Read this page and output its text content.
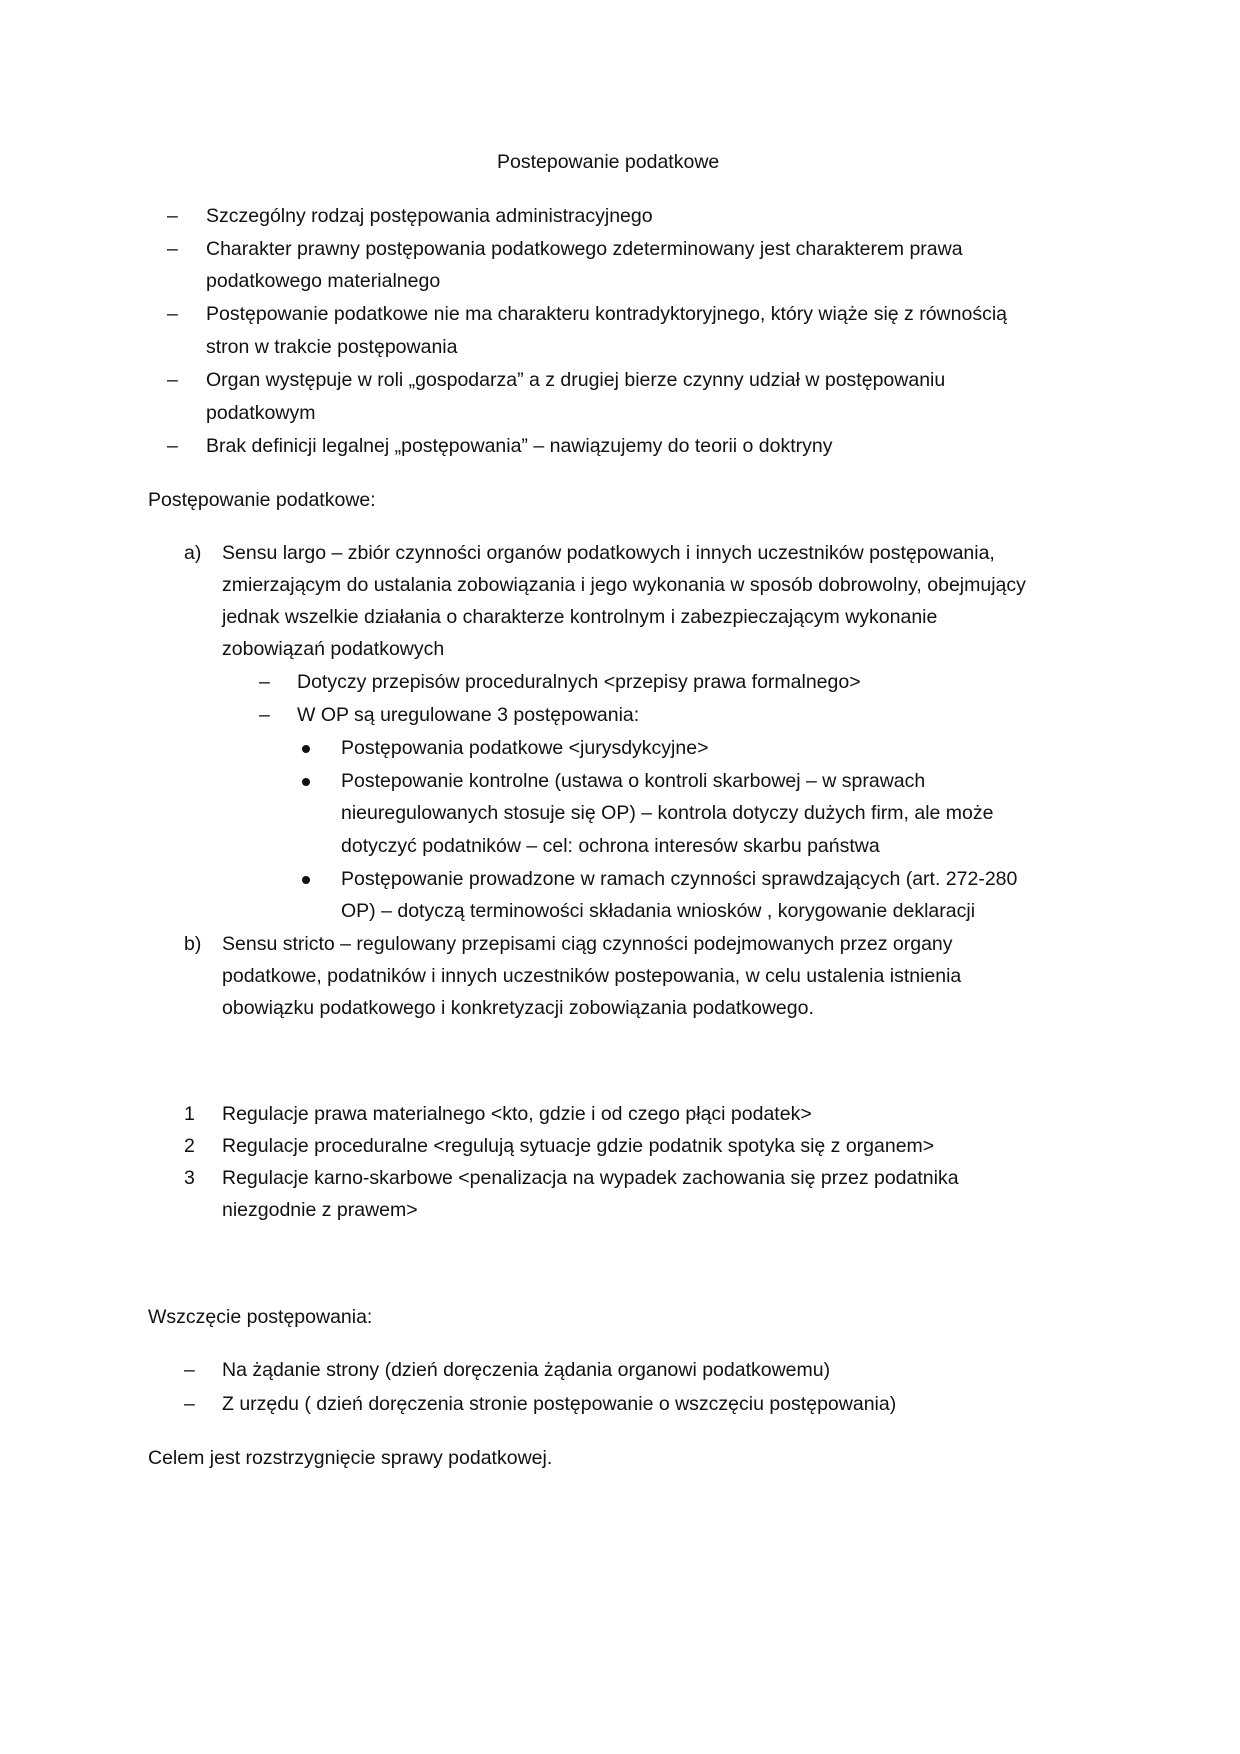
Postepowanie podatkowe
– Szczególny rodzaj postępowania administracyjnego
– Charakter prawny postępowania podatkowego zdeterminowany jest charakterem prawa
podatkowego materialnego
– Postępowanie podatkowe nie ma charakteru kontradyktoryjnego, który wiąże się z równością
stron w trakcie postępowania
– Organ występuje w roli „gospodarza” a z drugiej bierze czynny udział w postępowaniu
podatkowym
– Brak definicji legalnej „postępowania” – nawiązujemy do teorii o doktryny
Postępowanie podatkowe:
a) Sensu largo – zbiór czynności organów podatkowych i innych uczestników postępowania,
zmierzającym do ustalania zobowiązania i jego wykonania w sposób dobrowolny, obejmujący
jednak wszelkie działania o charakterze kontrolnym i zabezpieczającym wykonanie
zobowiązań podatkowych
– Dotyczy przepisów proceduralnych <przepisy prawa formalnego>
– W OP są uregulowane 3 postępowania:
Postępowania podatkowe <jurysdykcyjne>
Postepowanie kontrolne (ustawa o kontroli skarbowej – w sprawach
nieuregulowanych stosuje się OP) – kontrola dotyczy dużych firm, ale może
dotyczyć podatników – cel: ochrona interesów skarbu państwa
Postępowanie prowadzone w ramach czynności sprawdzających (art. 272-280
OP) – dotyczą terminowości składania wniosków , korygowanie deklaracji
b) Sensu stricto – regulowany przepisami ciąg czynności podejmowanych przez organy
podatkowe, podatników i innych uczestników postepowania, w celu ustalenia istnienia
obowiązku podatkowego i konkretyzacji zobowiązania podatkowego.
1 Regulacje prawa materialnego <kto, gdzie i od czego płąci podatek>
2 Regulacje proceduralne <regulują sytuacje gdzie podatnik spotyka się z organem>
3 Regulacje karno-skarbowe <penalizacja na wypadek zachowania się przez podatnika
niezgodnie z prawem>
Wszczęcie postępowania:
– Na żądanie strony (dzień doręczenia żądania organowi podatkowemu)
– Z urzędu ( dzień doręczenia stronie postępowanie o wszczęciu postępowania)
Celem jest rozstrzygnięcie sprawy podatkowej.
